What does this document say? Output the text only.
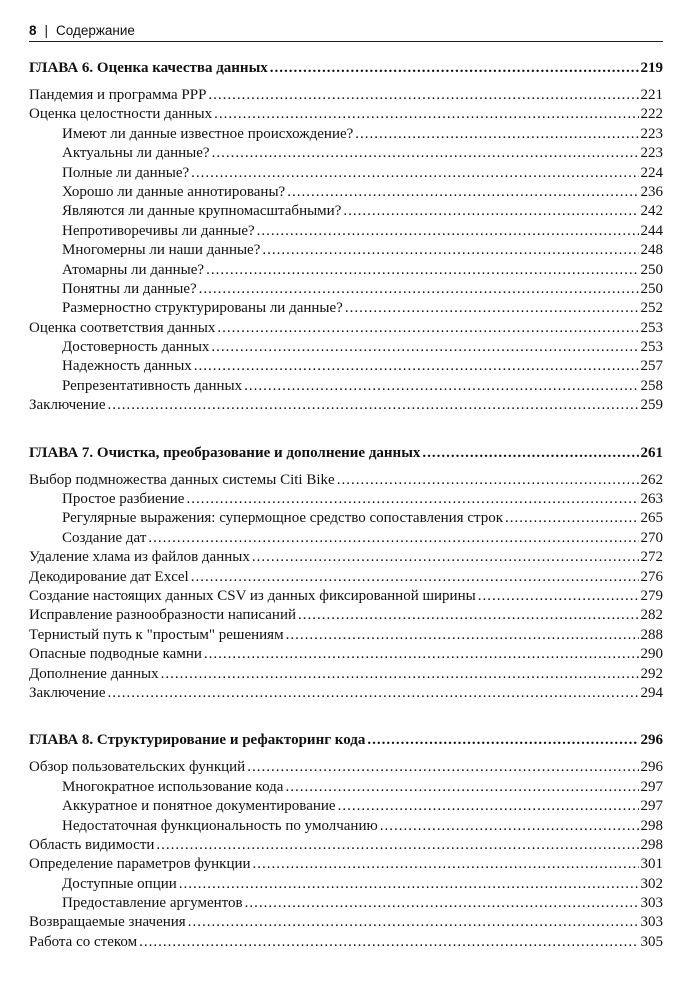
8 | Содержание
ГЛАВА 6. Оценка качества данных .....	219
Пандемия и программа PPP .....	221
Оценка целостности данных .....	222
Имеют ли данные известное происхождение? .....	223
Актуальны ли данные? .....	223
Полные ли данные? .....	224
Хорошо ли данные аннотированы? .....	236
Являются ли данные крупномасштабными? .....	242
Непротиворечивы ли данные? .....	244
Многомерны ли наши данные? .....	248
Атомарны ли данные? .....	250
Понятны ли данные? .....	250
Размерностно структурированы ли данные? .....	252
Оценка соответствия данных .....	253
Достоверность данных .....	253
Надежность данных .....	257
Репрезентативность данных .....	258
Заключение .....	259
ГЛАВА 7. Очистка, преобразование и дополнение данных .....	261
Выбор подмножества данных системы Citi Bike .....	262
Простое разбиение .....	263
Регулярные выражения: супермощное средство сопоставления строк .....	265
Создание дат .....	270
Удаление хлама из файлов данных .....	272
Декодирование дат Excel .....	276
Создание настоящих данных CSV из данных фиксированной ширины .....	279
Исправление разнообразности написаний .....	282
Тернистый путь к "простым" решениям .....	288
Опасные подводные камни .....	290
Дополнение данных .....	292
Заключение .....	294
ГЛАВА 8. Структурирование и рефакторинг кода .....	296
Обзор пользовательских функций .....	296
Многократное использование кода .....	297
Аккуратное и понятное документирование .....	297
Недостаточная функциональность по умолчанию .....	298
Область видимости .....	298
Определение параметров функции .....	301
Доступные опции .....	302
Предоставление аргументов .....	303
Возвращаемые значения .....	303
Работа со стеком .....	305
